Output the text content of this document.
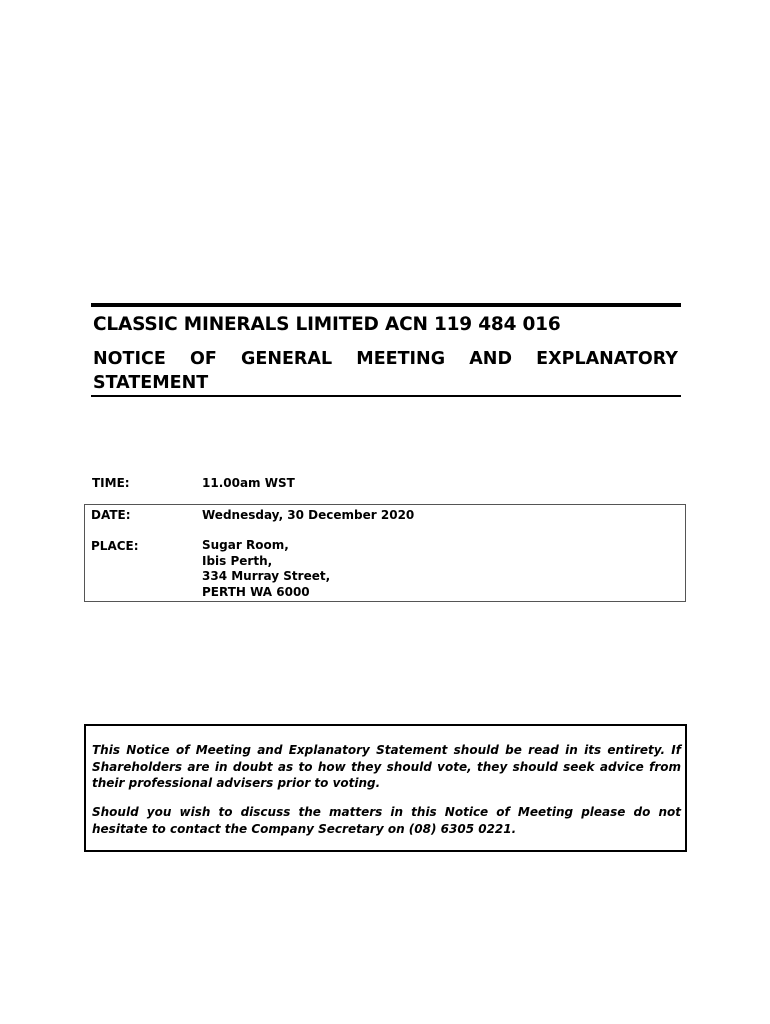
CLASSIC MINERALS LIMITED ACN 119 484 016
NOTICE OF GENERAL MEETING AND EXPLANATORY
STATEMENT
TIME:	11.00am WST
DATE:	Wednesday, 30 December 2020
PLACE:	Sugar Room,
Ibis Perth,
334 Murray Street,
PERTH WA 6000
This Notice of Meeting and Explanatory Statement should be read in its entirety. If Shareholders are in doubt as to how they should vote, they should seek advice from their professional advisers prior to voting.
Should you wish to discuss the matters in this Notice of Meeting please do not hesitate to contact the Company Secretary on (08) 6305 0221.
